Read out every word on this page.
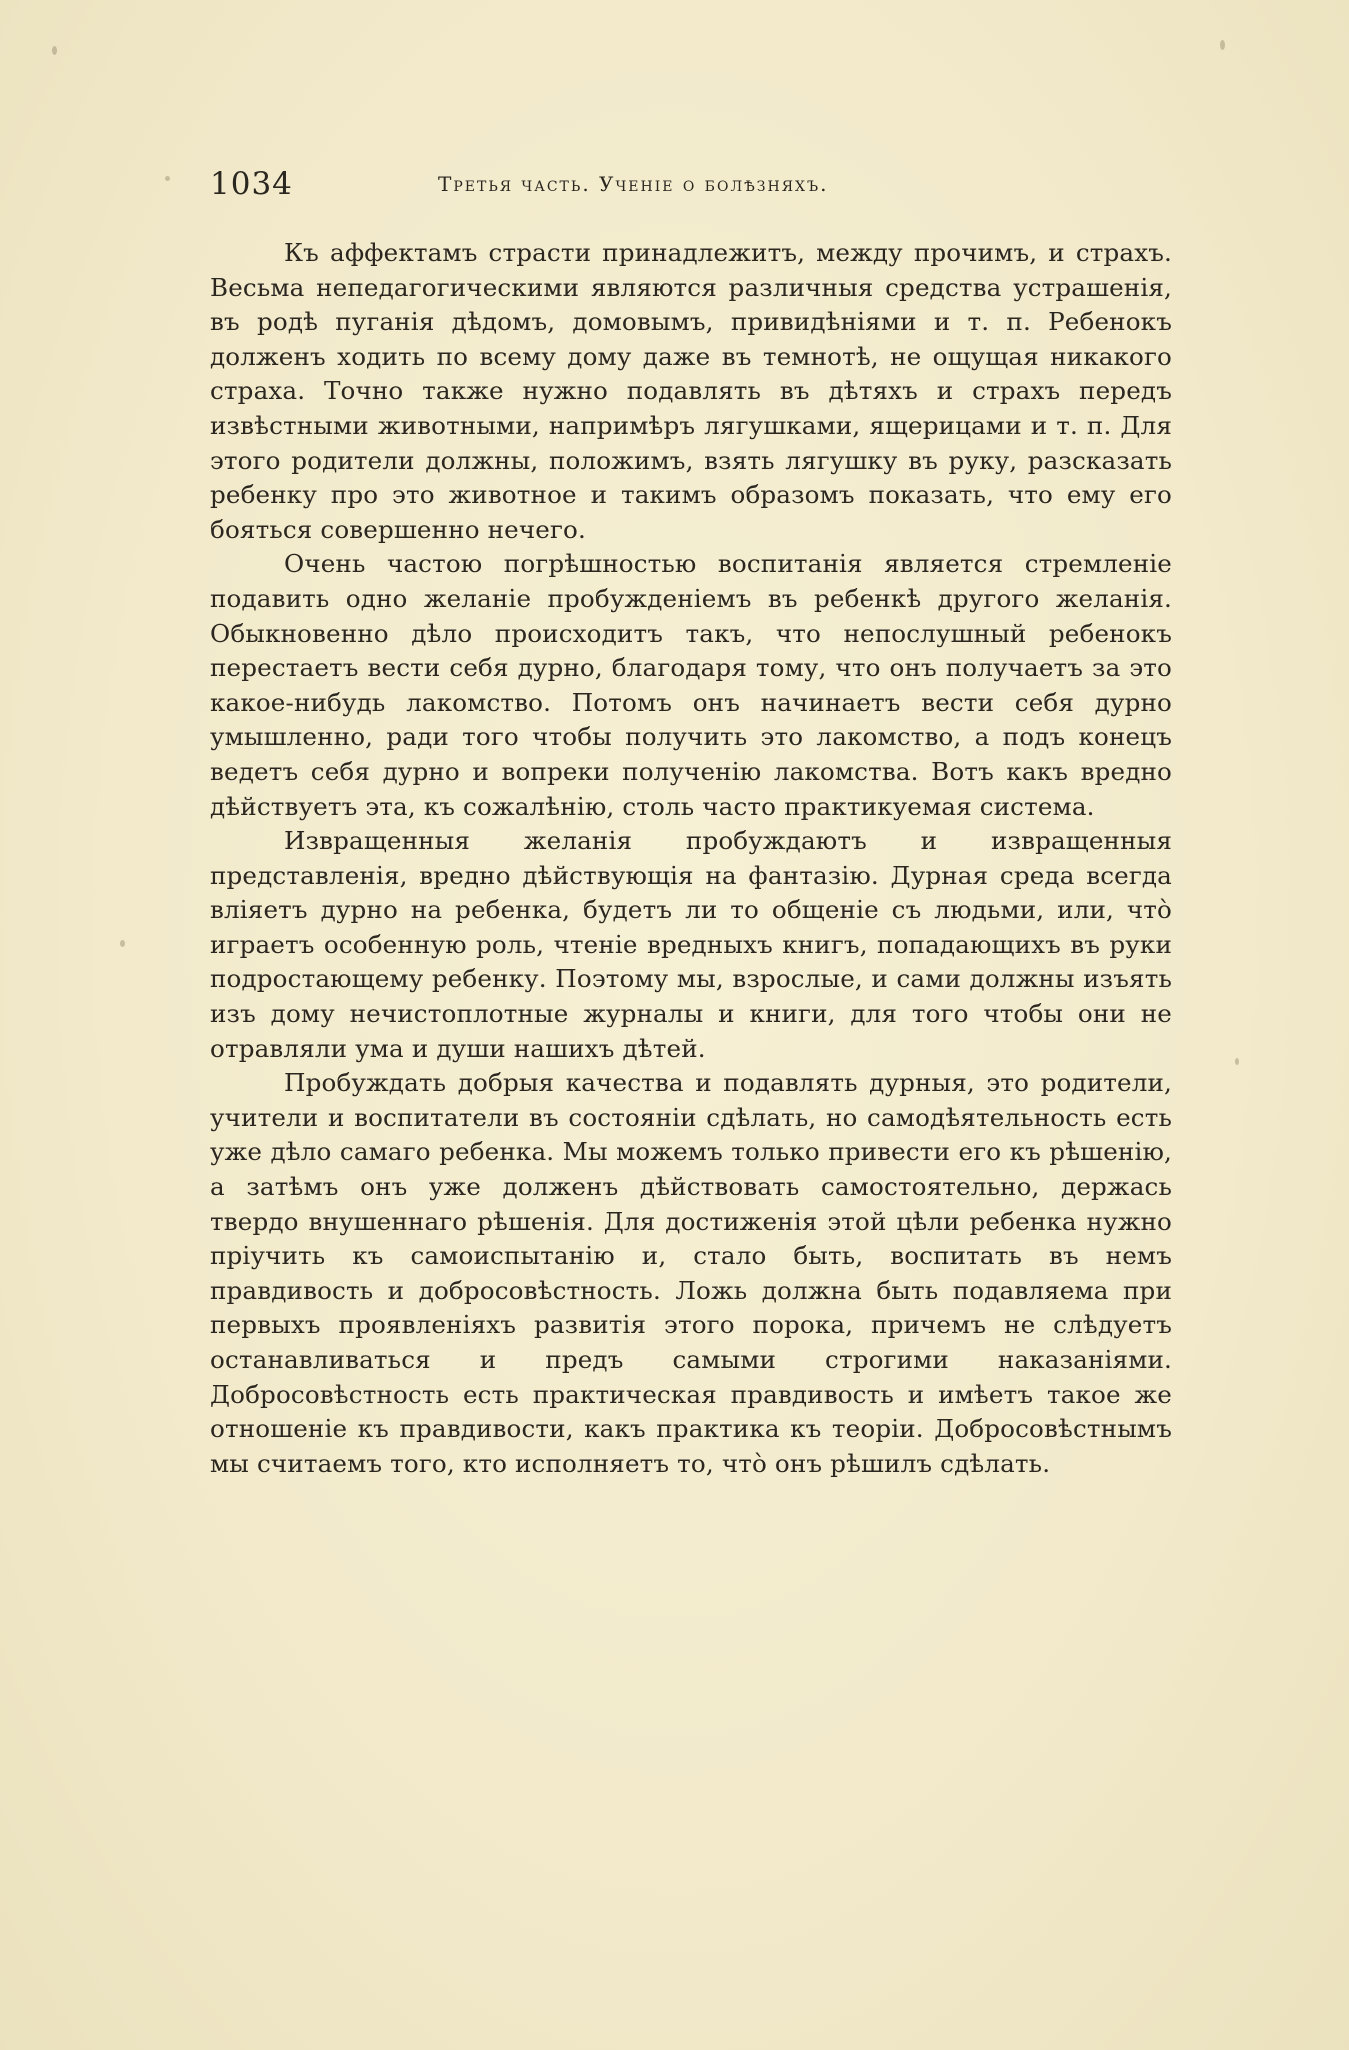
1034	Третья часть. Ученіе о болѣзняхъ.

Къ аффектамъ страсти принадлежитъ, между прочимъ, и страхъ. Весьма непедагогическими являются различныя средства устрашенія, въ родѣ пуганія дѣдомъ, домовымъ, привидѣніями и т. п. Ребенокъ долженъ ходить по всему дому даже въ темнотѣ, не ощущая никакого страха. Точно также нужно подавлять въ дѣтяхъ и страхъ передъ извѣстными животными, напримѣръ лягушками, ящерицами и т. п. Для этого родители должны, положимъ, взять лягушку въ руку, разсказать ребенку про это животное и такимъ образомъ показать, что ему его бояться совершенно нечего.

Очень частою погрѣшностью воспитанія является стремленіе подавить одно желаніе пробужденіемъ въ ребенкѣ другого желанія. Обыкновенно дѣло происходитъ такъ, что непослушный ребенокъ перестаетъ вести себя дурно, благодаря тому, что онъ получаетъ за это какое-нибудь лакомство. Потомъ онъ начинаетъ вести себя дурно умышленно, ради того чтобы получить это лакомство, а подъ конецъ ведетъ себя дурно и вопреки полученію лакомства. Вотъ какъ вредно дѣйствуетъ эта, къ сожалѣнію, столь часто практикуемая система.

Извращенныя желанія пробуждаютъ и извращенныя представленія, вредно дѣйствующія на фантазію. Дурная среда всегда вліяетъ дурно на ребенка, будетъ ли то общеніе съ людьми, или, что̀ играетъ особенную роль, чтеніе вредныхъ книгъ, попадающихъ въ руки подростающему ребенку. Поэтому мы, взрослые, и сами должны изъять изъ дому нечистоплотные журналы и книги, для того чтобы они не отравляли ума и души нашихъ дѣтей.

Пробуждать добрыя качества и подавлять дурныя, это родители, учители и воспитатели въ состояніи сдѣлать, но самодѣятельность есть уже дѣло самаго ребенка. Мы можемъ только привести его къ рѣшенію, а затѣмъ онъ уже долженъ дѣйствовать самостоятельно, держась твердо внушеннаго рѣшенія. Для достиженія этой цѣли ребенка нужно пріучить къ самоиспытанію и, стало быть, воспитать въ немъ правдивость и добросовѣстность. Ложь должна быть подавляема при первыхъ проявленіяхъ развитія этого порока, причемъ не слѣдуетъ останавливаться и предъ самыми строгими наказаніями. Добросовѣстность есть практическая правдивость и имѣетъ такое же отношеніе къ правдивости, какъ практика къ теоріи. Добросовѣстнымъ мы считаемъ того, кто исполняетъ то, что̀ онъ рѣшилъ сдѣлать.
